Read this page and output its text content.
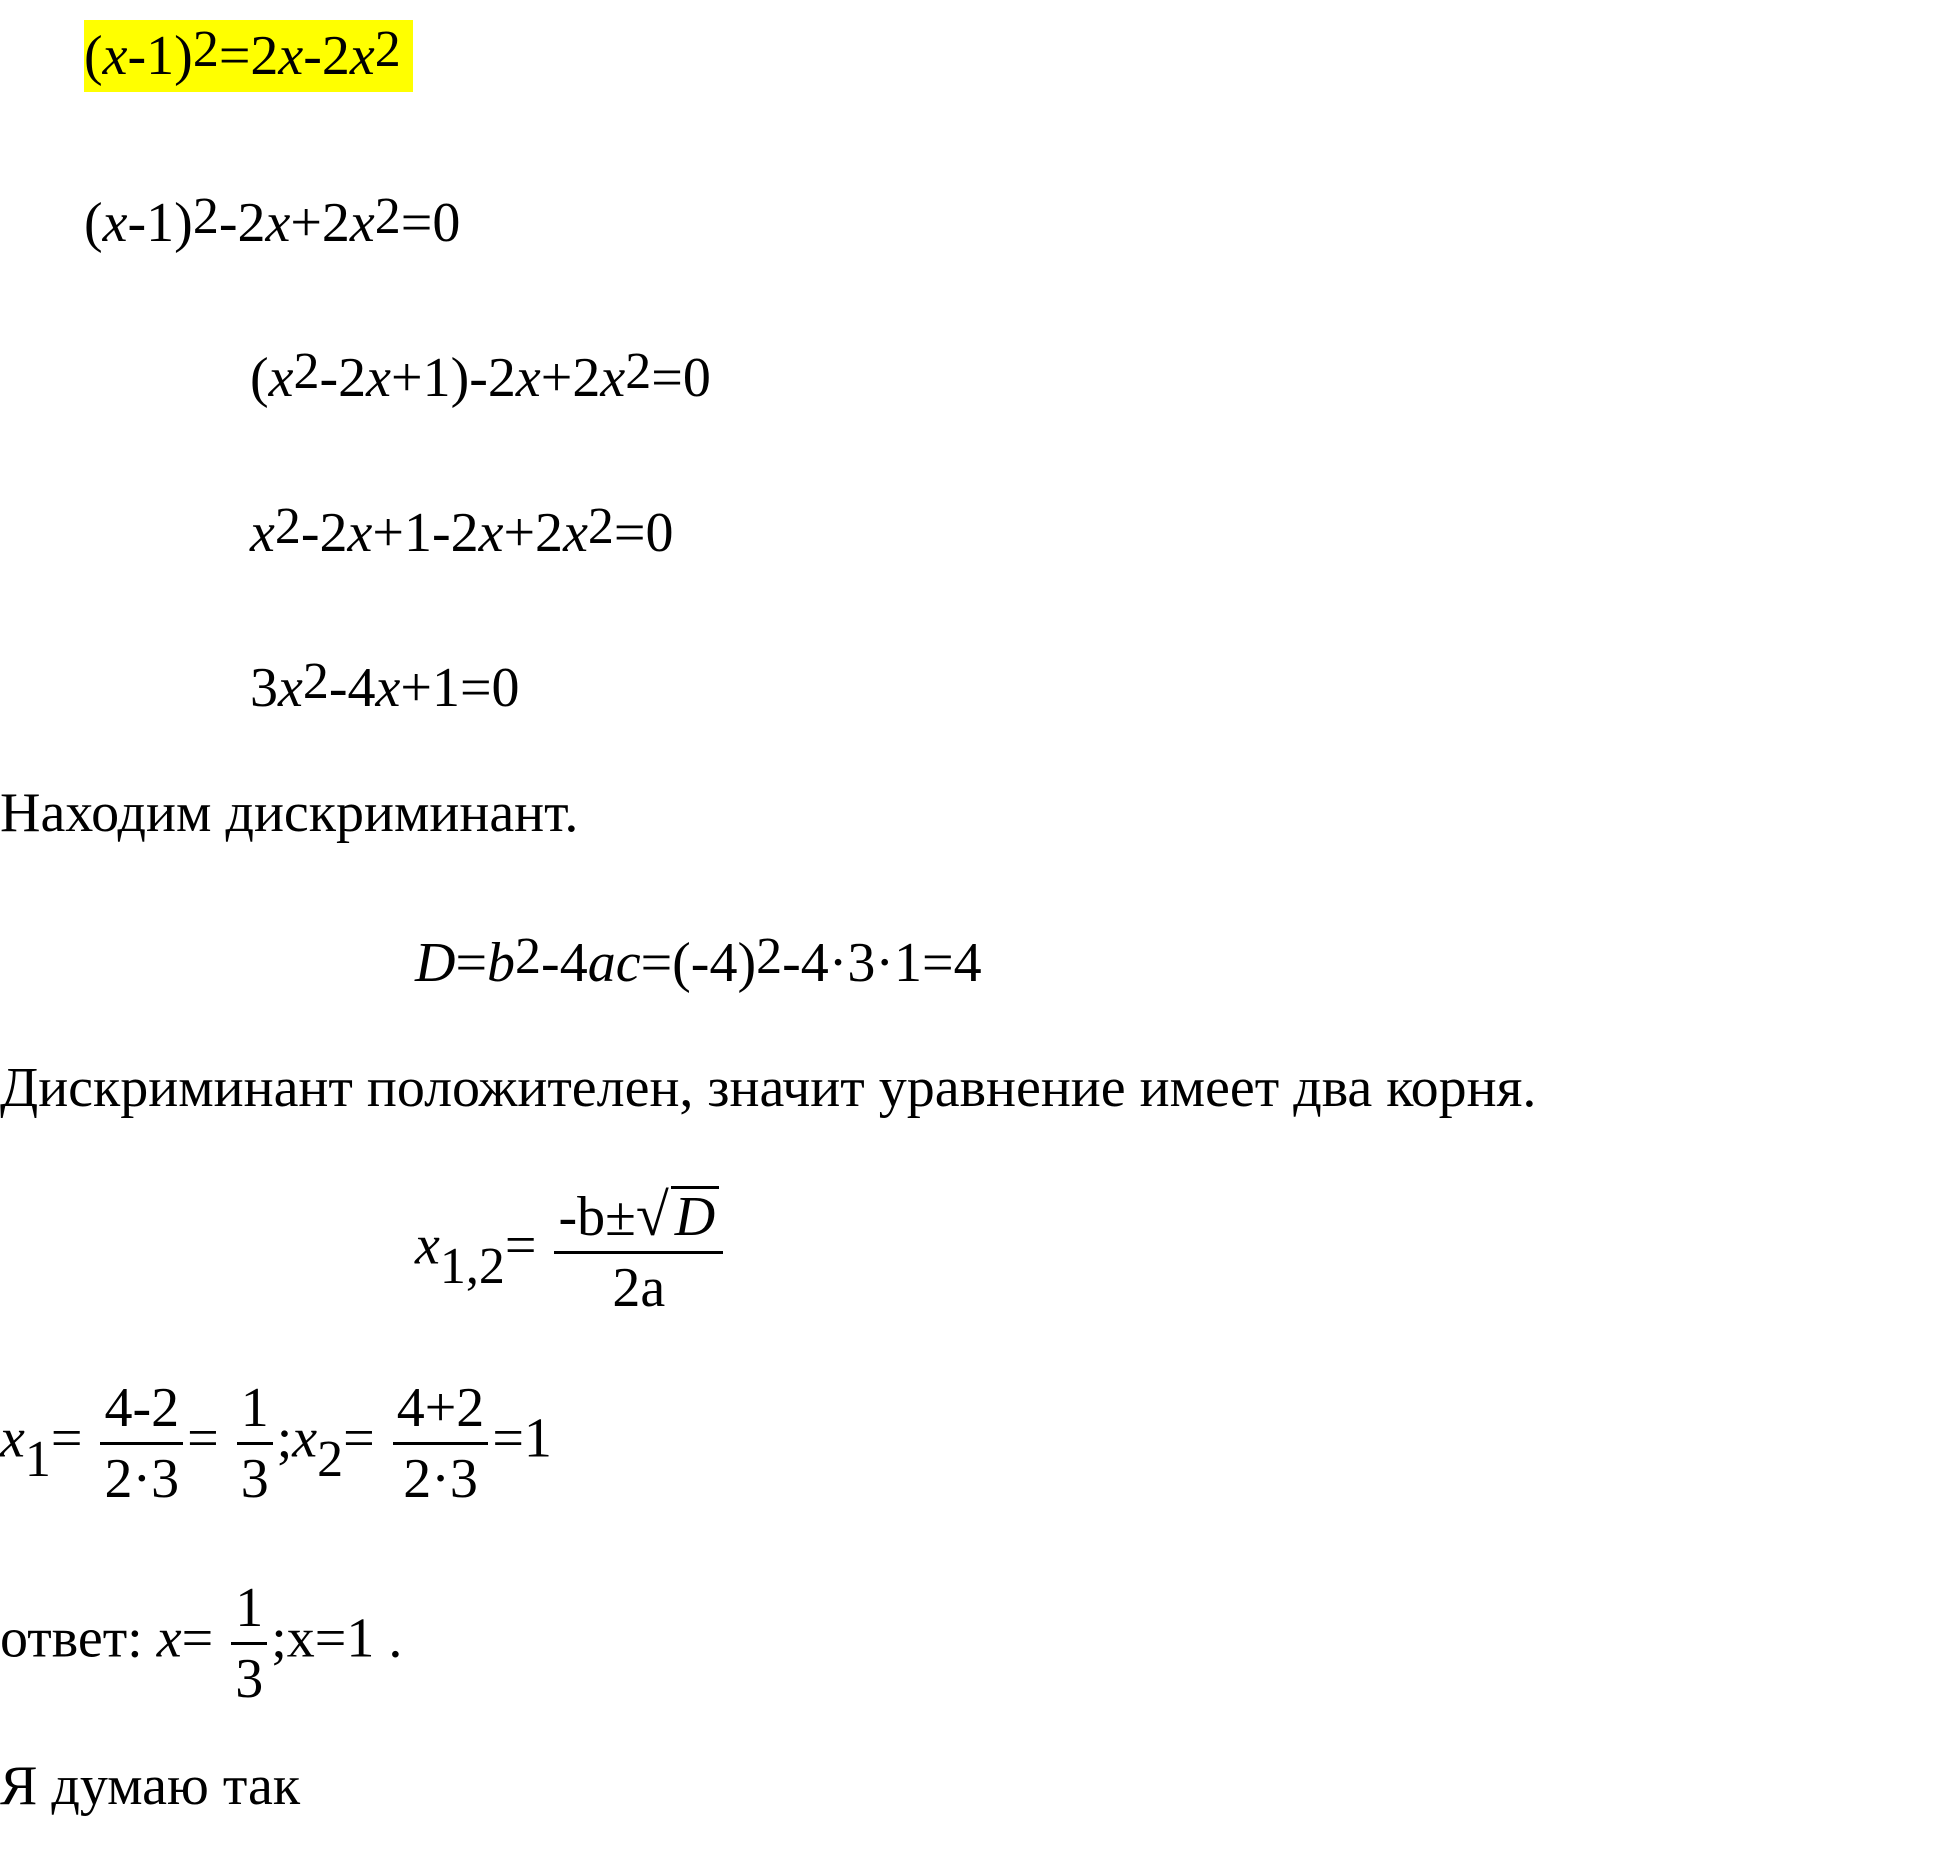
$(x-1)^2=2x-2x^2$
$(x-1)^2-2x+2x^2=0$
$(x^2-2x+1)-2x+2x^2=0$
$x^2-2x+1-2x+2x^2=0$
$3x^2-4x+1=0$
Находим дискриминант.
$D=b^2-4ac=(-4)^2-4\cdot 3\cdot 1=4$
Дискриминант положителен, значит уравнение имеет два корня.
$x_{1,2}= \frac{-b\pm√ D}{2a}$
$x_1= \frac{4-2}{2\cdot 3} = \frac{1}{3}$ $;x_2= \frac{4+2}{2\cdot 3} =1$
ответ: $x= \frac{1}{3}$ ;x=1 .
Я думаю так
